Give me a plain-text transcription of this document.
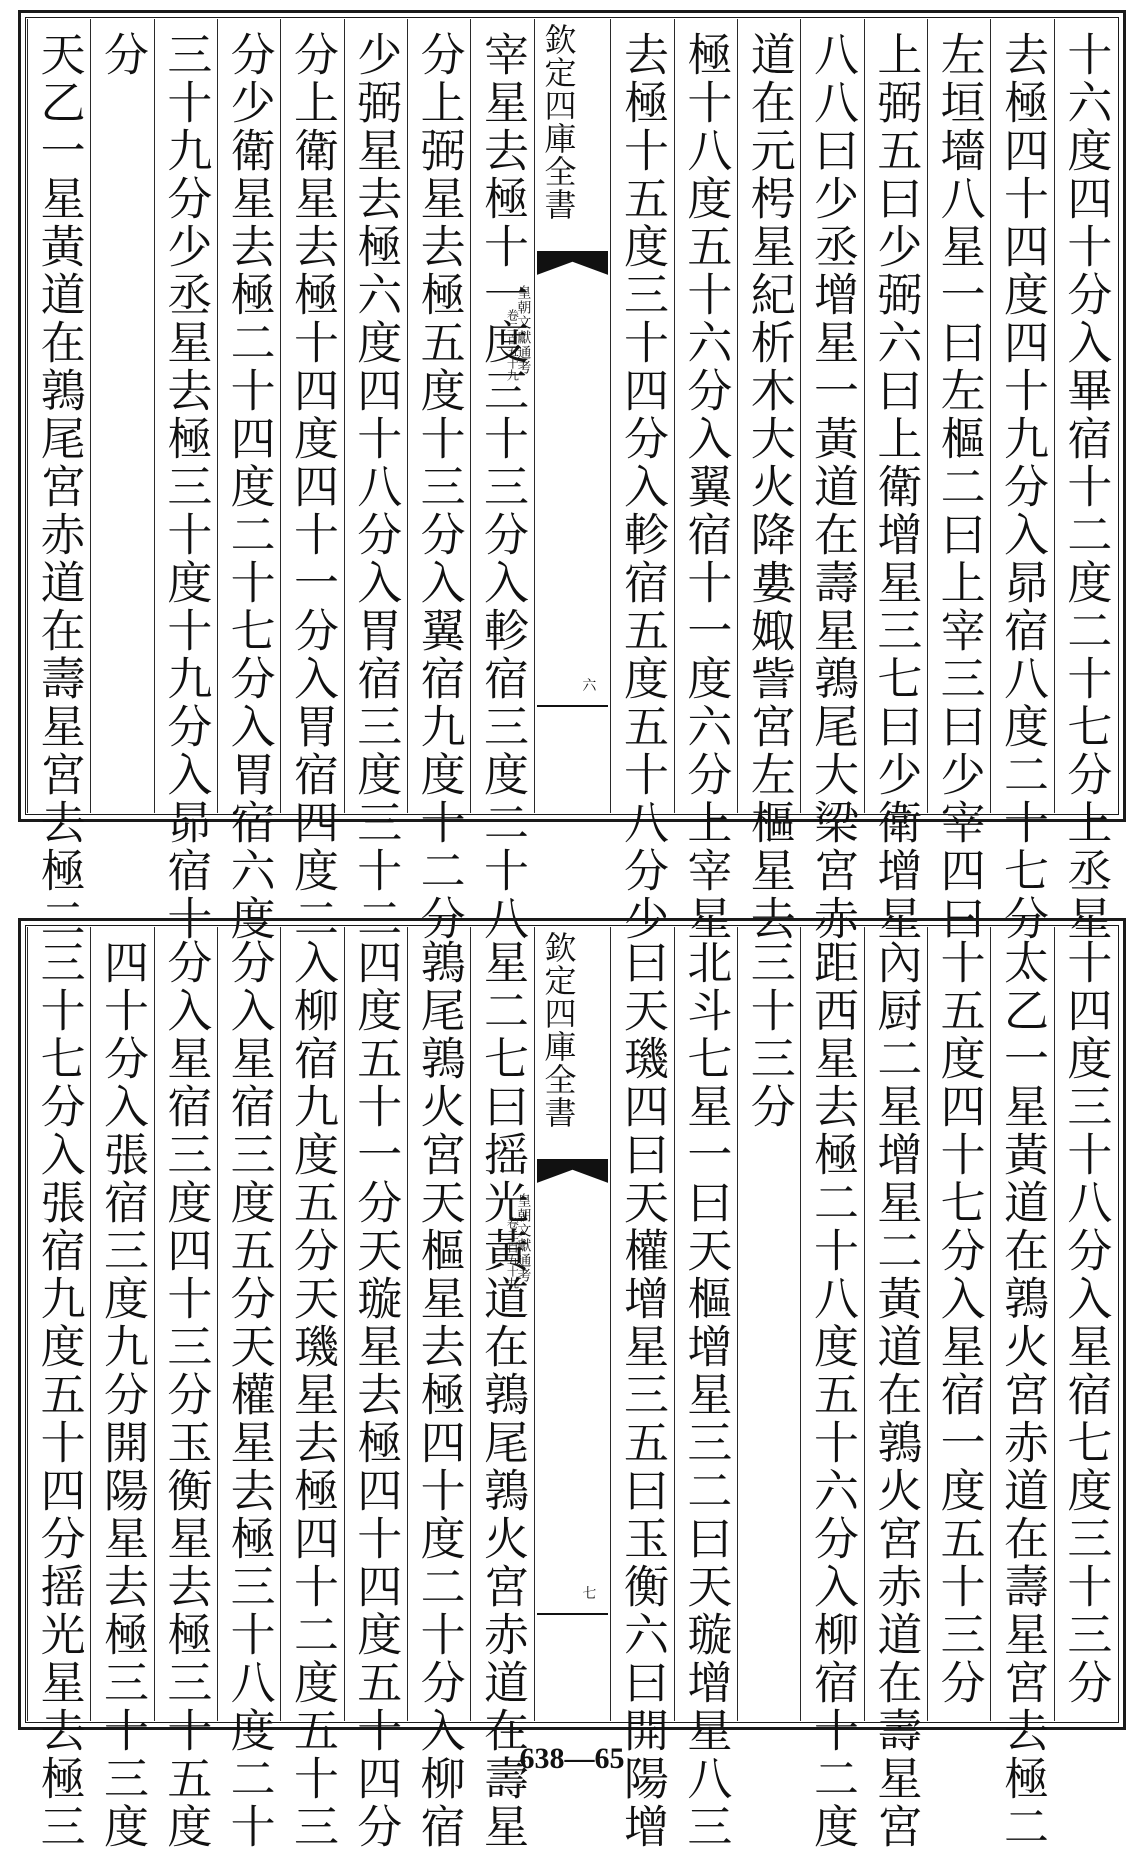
十六度四十分入畢宿十二度二十七分上丞星
去極四十四度四十九分入昴宿八度二十七分
左垣墻八星一曰左樞二曰上宰三曰少宰四曰
上弼五曰少弼六曰上衛增星三七曰少衛增星
八八曰少丞增星一黃道在壽星鶉尾大梁宮赤
道在元枵星紀析木大火降婁娵訾宮左樞星去
極十八度五十六分入翼宿十一度六分上宰星
去極十五度三十四分入軫宿五度五十八分少
欽定四庫全書
皇朝文獻通考
卷二百五十九
六
宰星去極十一度三十三分入軫宿三度二十八
分上弼星去極五度十三分入翼宿九度十二分
少弼星去極六度四十八分入胃宿三度三十二
分上衛星去極十四度四十一分入胃宿四度二
分少衛星去極二十四度二十七分入胃宿六度
三十九分少丞星去極三十度十九分入昴宿十
分
天乙一星黃道在鶉尾宮赤道在壽星宮去極二
十四度三十八分入星宿七度三十三分
太乙一星黃道在鶉火宮赤道在壽星宮去極二
十五度四十七分入星宿一度五十三分
內厨二星增星二黃道在鶉火宮赤道在壽星宮
距西星去極二十八度五十六分入柳宿十二度
三十三分
北斗七星一曰天樞增星三二曰天璇增星八三
曰天璣四曰天權增星三五曰玉衡六曰開陽增
欽定四庫全書
皇朝文獻通考
卷二百五十九
七
星二七曰摇光黃道在鶉尾鶉火宮赤道在壽星
鶉尾鶉火宮天樞星去極四十度二十分入柳宿
四度五十一分天璇星去極四十四度五十四分
入柳宿九度五分天璣星去極四十二度五十三
分入星宿三度五分天權星去極三十八度二十
分入星宿三度四十三分玉衡星去極三十五度
四十分入張宿三度九分開陽星去極三十三度
三十七分入張宿九度五十四分摇光星去極三	638—65
